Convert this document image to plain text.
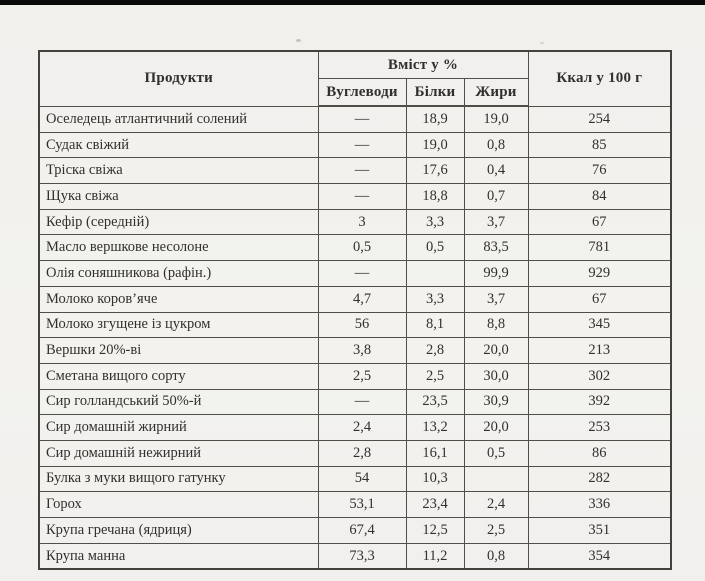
Продукти	Вміст у %			Ккал у 100 г
	Вуглеводи	Білки	Жири	
Оселедець атлантичний солений	—	18,9	19,0	254
Судак свіжий	—	19,0	0,8	85
Тріска свіжа	—	17,6	0,4	76
Щука свіжа	—	18,8	0,7	84
Кефір (середній)	3	3,3	3,7	67
Масло вершкове несолоне	0,5	0,5	83,5	781
Олія соняшникова (рафін.)	—		99,9	929
Молоко коров’яче	4,7	3,3	3,7	67
Молоко згущене із цукром	56	8,1	8,8	345
Вершки 20%-ві	3,8	2,8	20,0	213
Сметана вищого сорту	2,5	2,5	30,0	302
Сир голландський 50%-й	—	23,5	30,9	392
Сир домашній жирний	2,4	13,2	20,0	253
Сир домашній нежирний	2,8	16,1	0,5	86
Булка з муки вищого гатунку	54	10,3		282
Горох	53,1	23,4	2,4	336
Крупа гречана (ядриця)	67,4	12,5	2,5	351
Крупа манна	73,3	11,2	0,8	354
